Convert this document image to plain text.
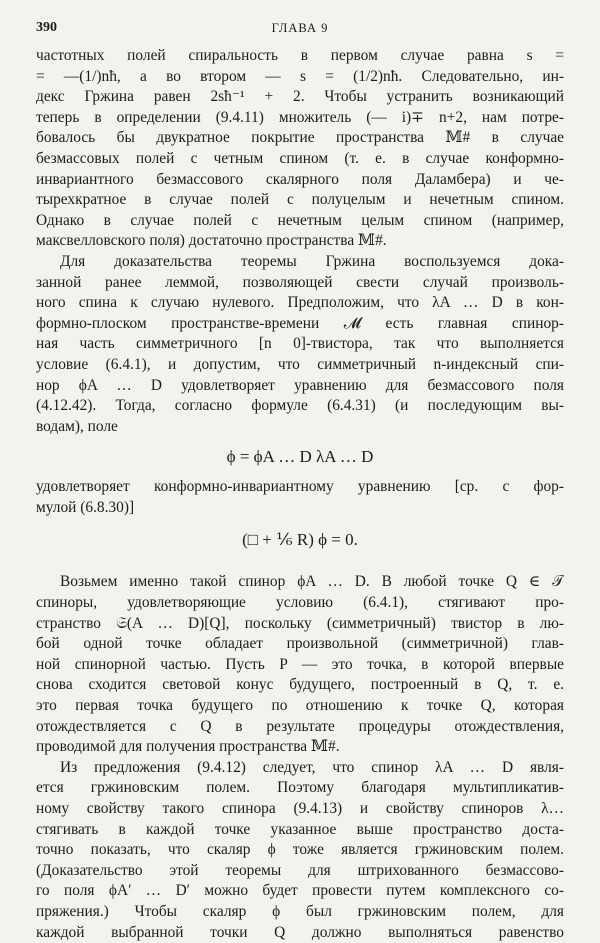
390	ГЛАВА 9
частотных полей спиральность в первом случае равна s =
= —(1/)nħ, а во втором — s = (1/2)nħ. Следовательно, ин-
декс Гржина равен 2sħ⁻¹ + 2. Чтобы устранить возникающий
теперь в определении (9.4.11) множитель (— i)∓ n+2, нам потре-
бовалось бы двукратное покрытие пространства 𝕄# в случае
безмассовых полей с четным спином (т. е. в случае конформно-
инвариантного безмассового скалярного поля Даламбера) и че-
тырехкратное в случае полей с полуцелым и нечетным спином.
Однако в случае полей с нечетным целым спином (например,
максвелловского поля) достаточно пространства 𝕄#.
Для доказательства теоремы Гржина воспользуемся дока-
занной ранее леммой, позволяющей свести случай произволь-
ного спина к случаю нулевого. Предположим, что λA … D в кон-
формно-плоском пространстве-времени 𝓜 есть главная спинор-
ная часть симметричного [n 0]-твистора, так что выполняется
условие (6.4.1), и допустим, что симметричный n-индексный спи-
нор ϕA … D удовлетворяет уравнению для безмассового поля
(4.12.42). Тогда, согласно формуле (6.4.31) (и последующим вы-
водам), поле
ϕ = ϕA … D λA … D
удовлетворяет конформно-инвариантному уравнению [ср. с фор-
мулой (6.8.30)]
(□ + ⅙ R) ϕ = 0.
Возьмем именно такой спинор ϕA … D. В любой точке Q ∈ 𝒯
спиноры, удовлетворяющие условию (6.4.1), стягивают про-
странство 𝔖(A … D)[Q], поскольку (симметричный) твистор в лю-
бой одной точке обладает произвольной (симметричной) глав-
ной спинорной частью. Пусть P — это точка, в которой впервые
снова сходится световой конус будущего, построенный в Q, т. е.
это первая точка будущего по отношению к точке Q, которая
отождествляется с Q в результате процедуры отождествления,
проводимой для получения пространства 𝕄#.
Из предложения (9.4.12) следует, что спинор λA … D явля-
ется гржиновским полем. Поэтому благодаря мультипликатив-
ному свойству такого спинора (9.4.13) и свойству спиноров λ…
стягивать в каждой точке указанное выше пространство доста-
точно показать, что скаляр ϕ тоже является гржиновским полем.
(Доказательство этой теоремы для штрихованного безмассово-
го поля ϕA′ … D′ можно будет провести путем комплексного со-
пряжения.) Чтобы скаляр ϕ был гржиновским полем, для
каждой выбранной точки Q должно выполняться равенство
